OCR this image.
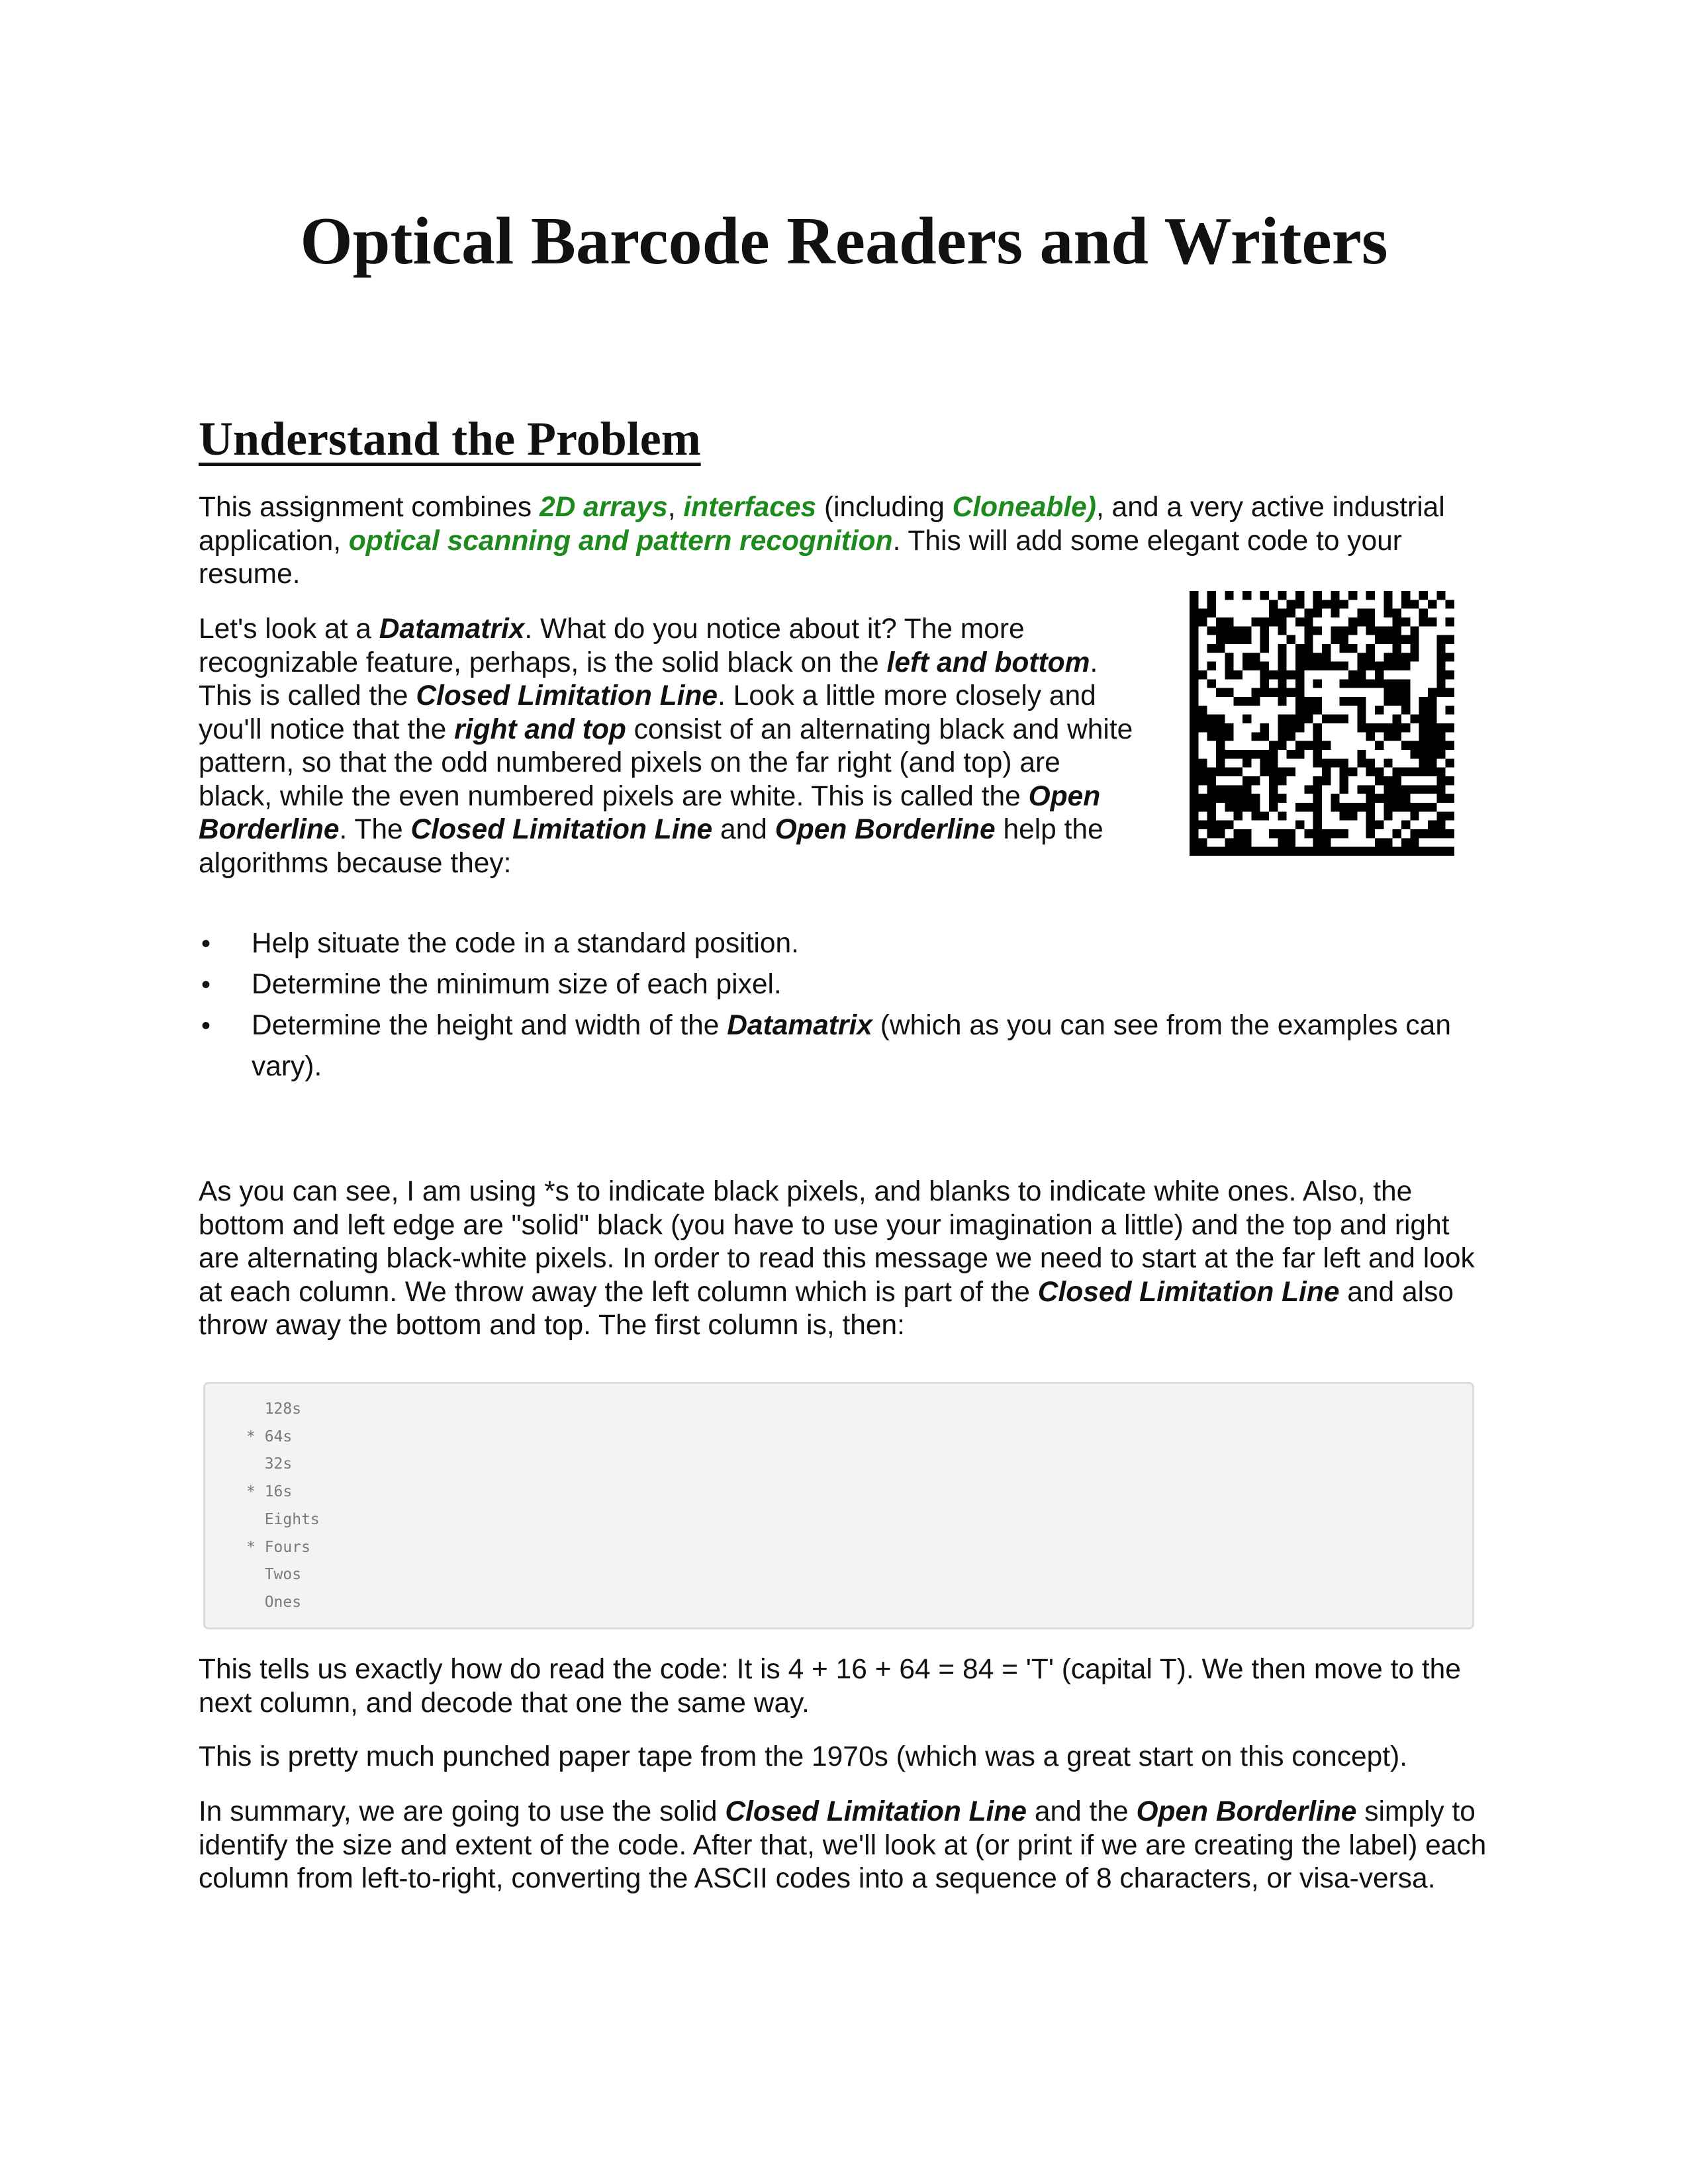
Optical Barcode Readers and Writers
Understand the Problem

This assignment combines 2D arrays, interfaces (including Cloneable), and a very active industrial application, optical scanning and pattern recognition. This will add some elegant code to your resume.

Let's look at a Datamatrix. What do you notice about it? The more recognizable feature, perhaps, is the solid black on the left and bottom. This is called the Closed Limitation Line. Look a little more closely and you'll notice that the right and top consist of an alternating black and white pattern, so that the odd numbered pixels on the far right (and top) are black, while the even numbered pixels are white. This is called the Open Borderline. The Closed Limitation Line and Open Borderline help the algorithms because they:

• Help situate the code in a standard position.
• Determine the minimum size of each pixel.
• Determine the height and width of the Datamatrix (which as you can see from the examples can vary).

As you can see, I am using *s to indicate black pixels, and blanks to indicate white ones. Also, the bottom and left edge are "solid" black (you have to use your imagination a little) and the top and right are alternating black-white pixels. In order to read this message we need to start at the far left and look at each column. We throw away the left column which is part of the Closed Limitation Line and also throw away the bottom and top. The first column is, then:

128s
* 64s
32s
* 16s
Eights
* Fours
Twos
Ones

This tells us exactly how do read the code: It is 4 + 16 + 64 = 84 = 'T' (capital T). We then move to the next column, and decode that one the same way.

This is pretty much punched paper tape from the 1970s (which was a great start on this concept).

In summary, we are going to use the solid Closed Limitation Line and the Open Borderline simply to identify the size and extent of the code. After that, we'll look at (or print if we are creating the label) each column from left-to-right, converting the ASCII codes into a sequence of 8 characters, or visa-versa.
